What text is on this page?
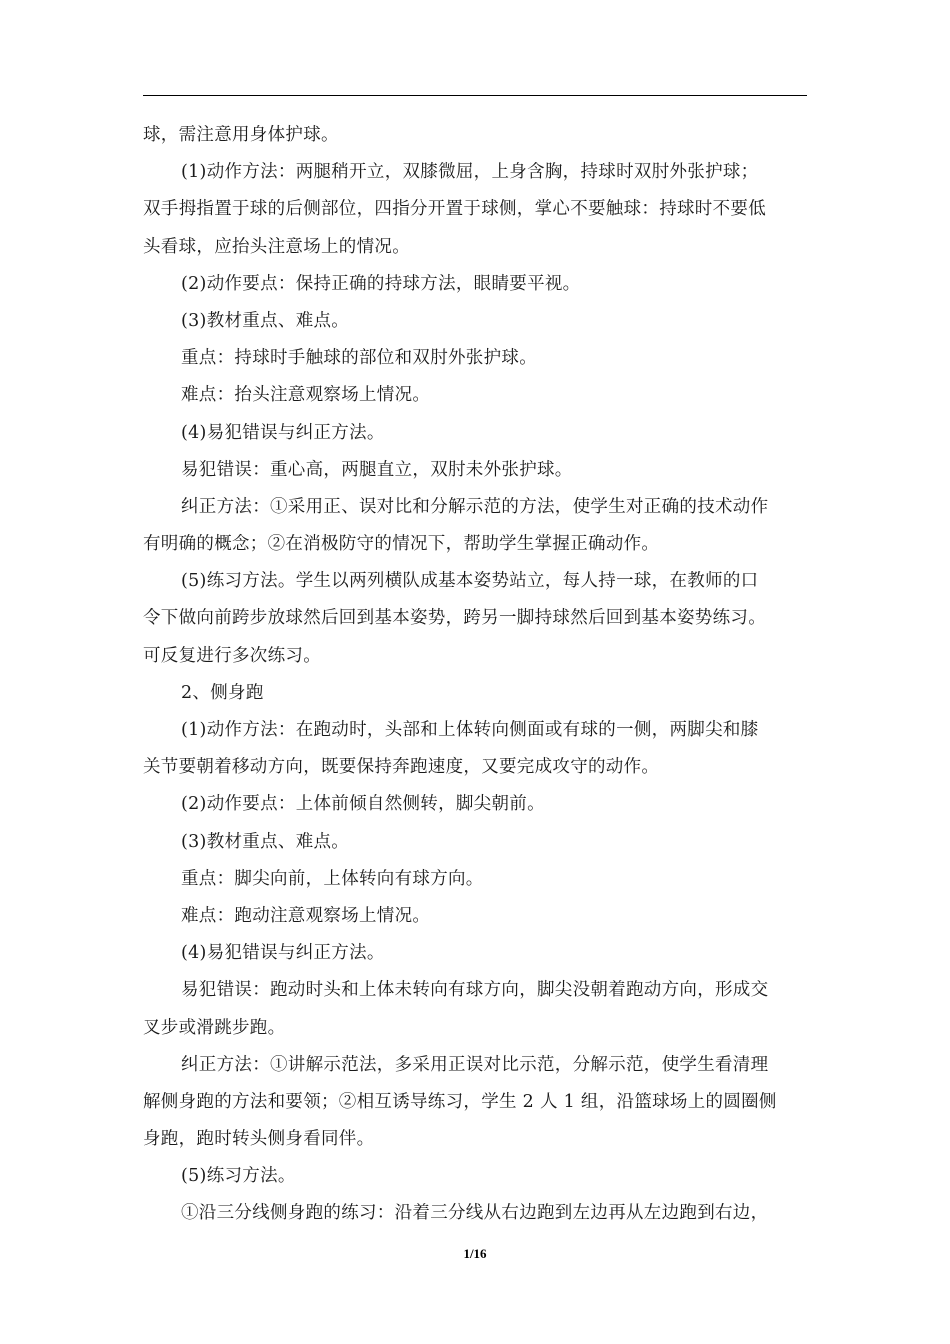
球，需注意用身体护球。
(1)动作方法：两腿稍开立，双膝微屈，上身含胸，持球时双肘外张护球；
双手拇指置于球的后侧部位，四指分开置于球侧，掌心不要触球：持球时不要低
头看球，应抬头注意场上的情况。
(2)动作要点：保持正确的持球方法，眼睛要平视。
(3)教材重点、难点。
重点：持球时手触球的部位和双肘外张护球。
难点：抬头注意观察场上情况。
(4)易犯错误与纠正方法。
易犯错误：重心高，两腿直立，双肘未外张护球。
纠正方法：①采用正、误对比和分解示范的方法，使学生对正确的技术动作
有明确的概念；②在消极防守的情况下，帮助学生掌握正确动作。
(5)练习方法。学生以两列横队成基本姿势站立，每人持一球，在教师的口
令下做向前跨步放球然后回到基本姿势，跨另一脚持球然后回到基本姿势练习。
可反复进行多次练习。
2、侧身跑
(1)动作方法：在跑动时，头部和上体转向侧面或有球的一侧，两脚尖和膝
关节要朝着移动方向，既要保持奔跑速度，又要完成攻守的动作。
(2)动作要点：上体前倾自然侧转，脚尖朝前。
(3)教材重点、难点。
重点：脚尖向前，上体转向有球方向。
难点：跑动注意观察场上情况。
(4)易犯错误与纠正方法。
易犯错误：跑动时头和上体未转向有球方向，脚尖没朝着跑动方向，形成交
叉步或滑跳步跑。
纠正方法：①讲解示范法，多采用正误对比示范，分解示范，使学生看清理
解侧身跑的方法和要领；②相互诱导练习，学生 2 人 1 组，沿篮球场上的圆圈侧
身跑，跑时转头侧身看同伴。
(5)练习方法。
①沿三分线侧身跑的练习：沿着三分线从右边跑到左边再从左边跑到右边，
1/16
